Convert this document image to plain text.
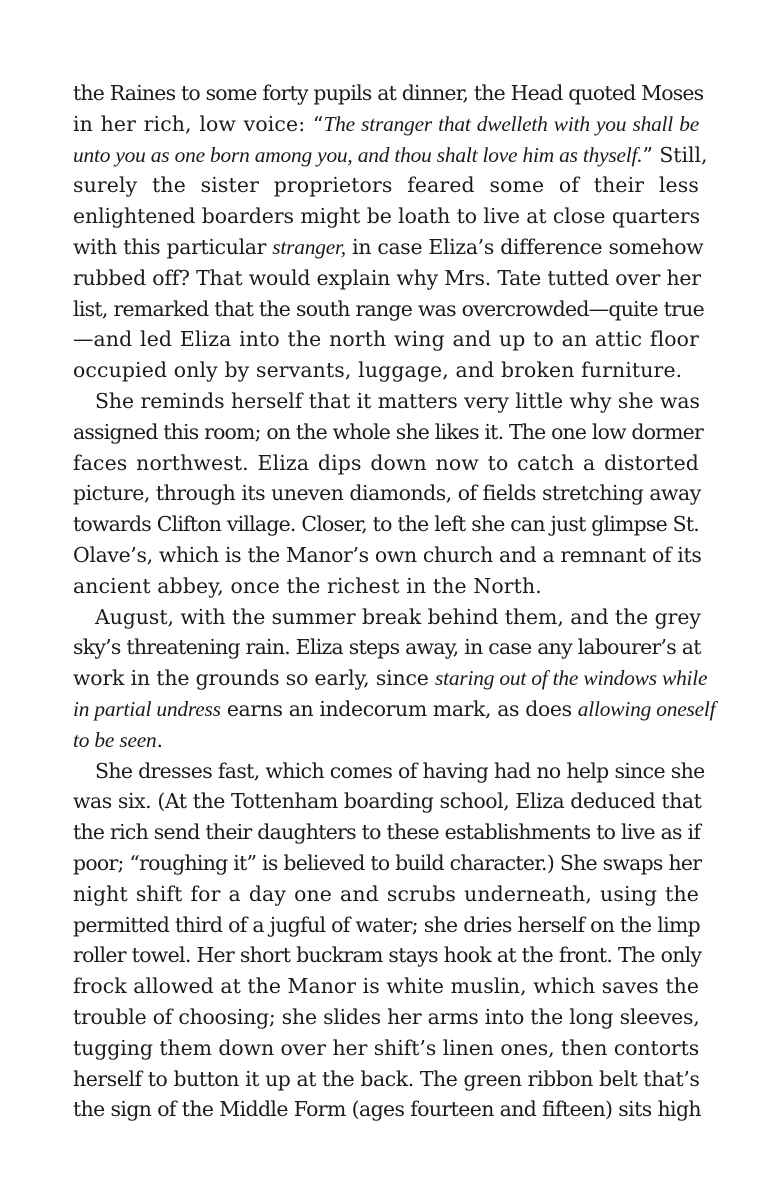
the Raines to some forty pupils at dinner, the Head quoted Moses
in her rich, low voice: “The stranger that dwelleth with you shall be
unto you as one born among you, and thou shalt love him as thyself.” Still,
surely the sister proprietors feared some of their less
enlightened boarders might be loath to live at close quarters
with this particular stranger, in case Eliza’s difference somehow
rubbed off? That would explain why Mrs. Tate tutted over her
list, remarked that the south range was overcrowded—quite true
—and led Eliza into the north wing and up to an attic floor
occupied only by servants, luggage, and broken furniture.

She reminds herself that it matters very little why she was
assigned this room; on the whole she likes it. The one low dormer
faces northwest. Eliza dips down now to catch a distorted
picture, through its uneven diamonds, of fields stretching away
towards Clifton village. Closer, to the left she can just glimpse St.
Olave’s, which is the Manor’s own church and a remnant of its
ancient abbey, once the richest in the North.

August, with the summer break behind them, and the grey
sky’s threatening rain. Eliza steps away, in case any labourer’s at
work in the grounds so early, since staring out of the windows while
in partial undress earns an indecorum mark, as does allowing oneself
to be seen.

She dresses fast, which comes of having had no help since she
was six. (At the Tottenham boarding school, Eliza deduced that
the rich send their daughters to these establishments to live as if
poor; “roughing it” is believed to build character.) She swaps her
night shift for a day one and scrubs underneath, using the
permitted third of a jugful of water; she dries herself on the limp
roller towel. Her short buckram stays hook at the front. The only
frock allowed at the Manor is white muslin, which saves the
trouble of choosing; she slides her arms into the long sleeves,
tugging them down over her shift’s linen ones, then contorts
herself to button it up at the back. The green ribbon belt that’s
the sign of the Middle Form (ages fourteen and fifteen) sits high
